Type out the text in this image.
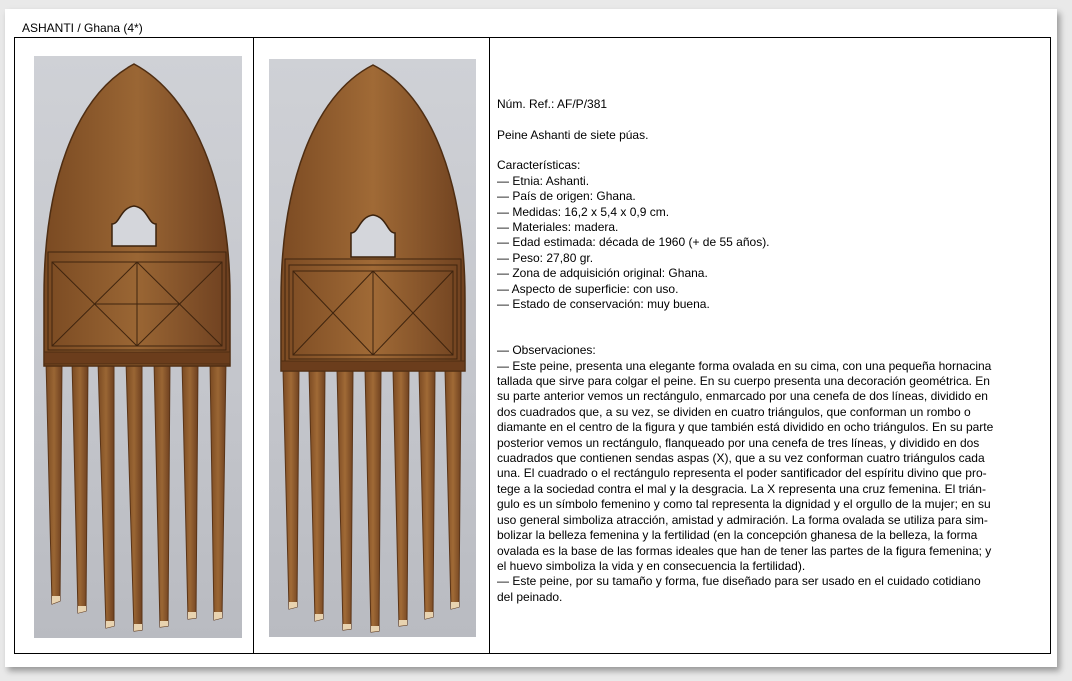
ASHANTI / Ghana (4*)

Núm. Ref.: AF/P/381

Peine Ashanti de siete púas.

Características:

— Etnia: Ashanti.

— País de origen: Ghana.

— Medidas: 16,2 x 5,4 x 0,9 cm.

— Materiales: madera.

— Edad estimada: década de 1960 (+ de 55 años).

— Peso: 27,80 gr.

— Zona de adquisición original: Ghana.

— Aspecto de superficie: con uso.

— Estado de conservación: muy buena.

— Observaciones:

— Este peine, presenta una elegante forma ovalada en su cima, con una pequeña hornacina

tallada que sirve para colgar el peine. En su cuerpo presenta una decoración geométrica. En

su parte anterior vemos un rectángulo, enmarcado por una cenefa de dos líneas, dividido en

dos cuadrados que, a su vez, se dividen en cuatro triángulos, que conforman un rombo o

diamante en el centro de la figura y que también está dividido en ocho triángulos. En su parte

posterior vemos un rectángulo, flanqueado por una cenefa de tres líneas, y dividido en dos

cuadrados que contienen sendas aspas (X), que a su vez conforman cuatro triángulos cada

una. El cuadrado o el rectángulo representa el poder santificador del espíritu divino que pro-

tege a la sociedad contra el mal y la desgracia. La X representa una cruz femenina. El trián-

gulo es un símbolo femenino y como tal representa la dignidad y el orgullo de la mujer; en su

uso general simboliza atracción, amistad y admiración. La forma ovalada se utiliza para sim-

bolizar la belleza femenina y la fertilidad (en la concepción ghanesa de la belleza, la forma

ovalada es la base de las formas ideales que han de tener las partes de la figura femenina; y

el huevo simboliza la vida y en consecuencia la fertilidad).

— Este peine, por su tamaño y forma, fue diseñado para ser usado en el cuidado cotidiano

del peinado.
